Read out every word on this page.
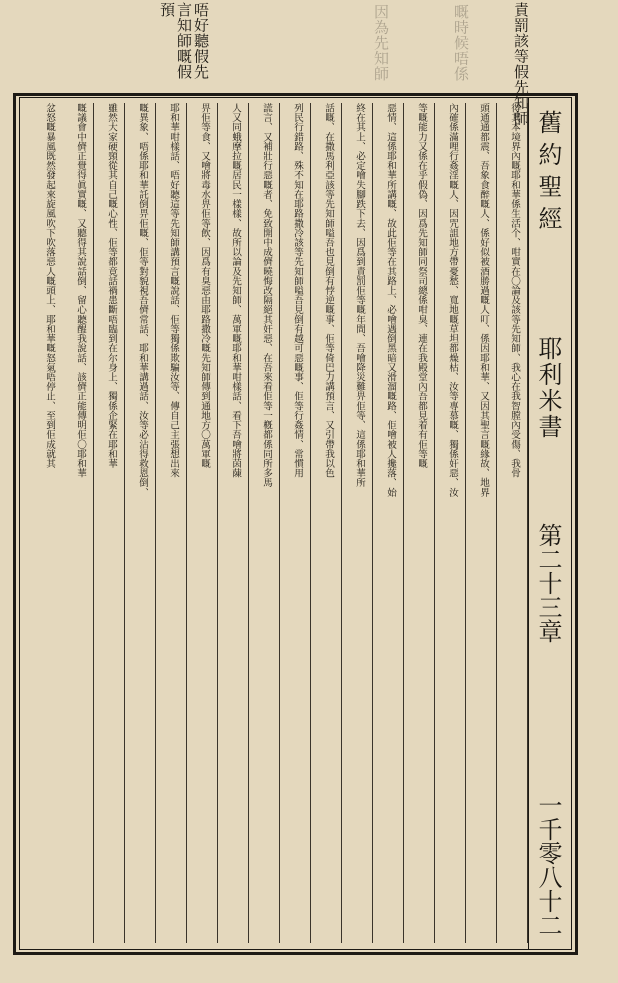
責罰該等假先知師
嘅時候唔係
因為先知師
唔好聽假先言知師嘅假預
舊約聖經
耶利米書
第二十三章
一千零八十二
得其本境界內嘅耶和華係生活个、咁實在〇論及該等先知師、我心在我智膛內受傷、我骨
頭通通都震、吾象食醉嘅人、係好似被酒勝過嘅人叮、係因耶和華、又因其聖言嘅緣故、地界
內確係滿哩行姦淫嘅人、因咒詛地方帶憂愁、寬地嘅草坦都燥枯、汝等專慕嘅、獨係奸惡、汝
等嘅能力又係在乎假偽、因爲先知師同祭司總係咁臭、連在我殿堂內吾都見着有佢等嘅
惡情、這係耶和華所講嘅、故此佢等在其路上、必噲遇倒黑暗又滑溜嘅路、佢噲被人攙落、始
終在其上、必定噲失腳跌下去、因爲到責罰佢等嘅年間、吾噲降災難畀佢等、這係耶和華所
話嘅、在撒馬利亞該等先知師嗌吾也見倒有悖逆嘅事、佢等倚巴力講預言、又引帶我以色
列民行錯路、殊不知在耶路撒冷該等先知師嗌吾見倒有越可惡嘅事、佢等行姦情、常慣用
謊言、又補壯行惡嘅者、免致開中成儕曉悔改隔絕其奸惡、在吾來看佢等一槪都係同所多馬
人又同蛾摩拉嘅居民一樣樣、故所以論及先知師、萬軍嘅耶和華咁樣話、看下吾噲將茵蔯
畀佢等食、又噲將毒水畀佢等飲、因爲有臭惡由耶路撒冷嘅先知師傳到通地方〇萬軍嘅
耶和華咁樣話、唔好聽這等先知師講預言嘅說話、佢等獨係欺騙汝等、傳自己主張想出來
嘅異象、唔係耶和華託倒畀佢嘅、佢等對貌視吾儕常話、耶和華講過話、汝等必沾得救恩倒、
雖然大家硬頸從其自己嘅心性、佢等都竟話禍患斷唔臨到在尔身上、獨係企緊在耶和華
嘅議會中儕正覺得眞實嘅、又聽得其說話倒、留心聽醒我說話、該儕正能傳明佢〇耶和華
忿怒嘅暴風既然發起來旋風吹下吹落惡人嘅頭上、耶和華嘅怒氣唔停止、至到佢成就其
